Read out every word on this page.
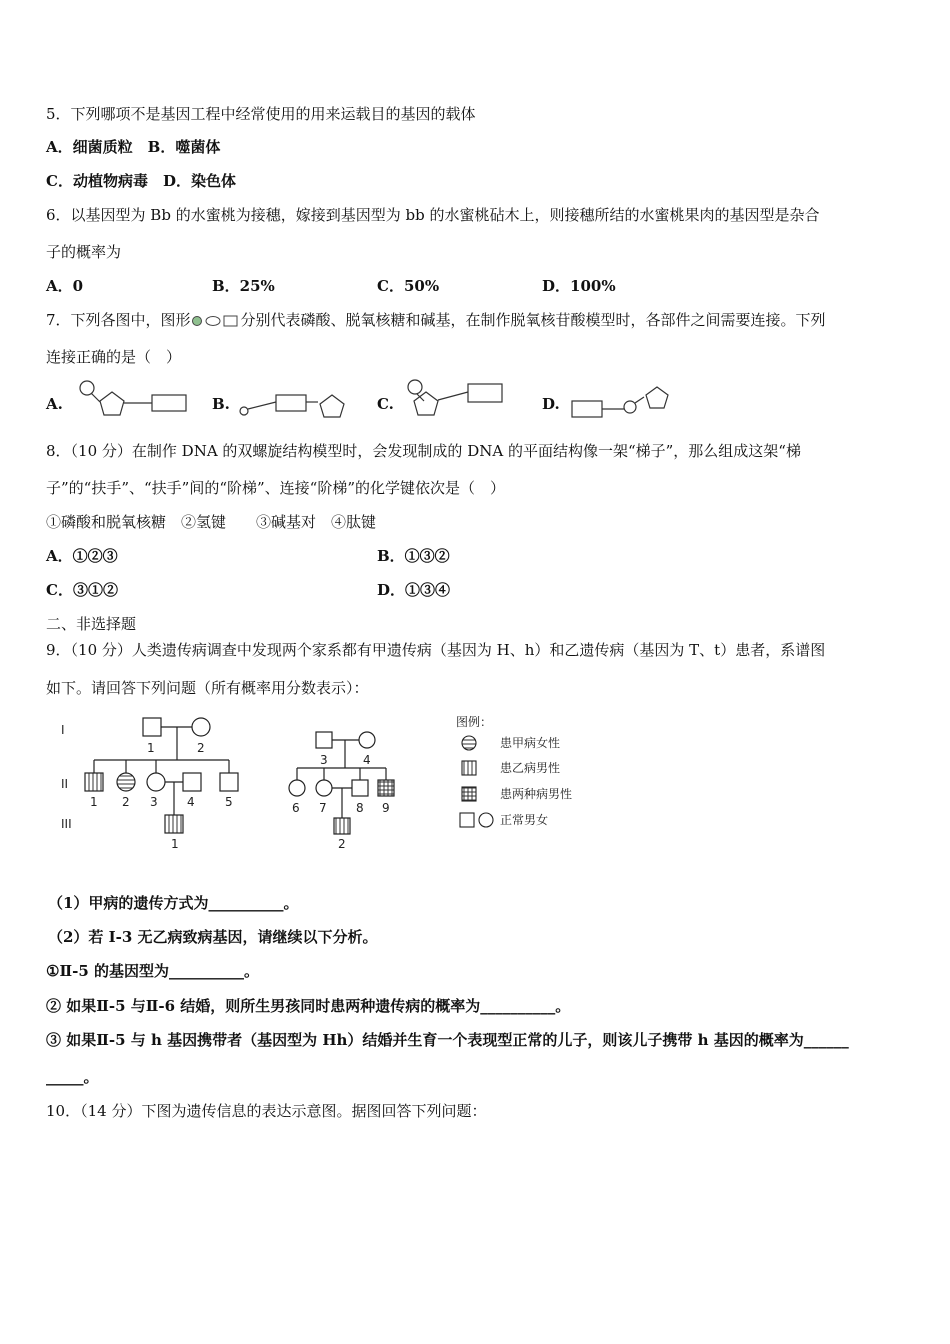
5．下列哪项不是基因工程中经常使用的用来运载目的基因的载体
A．细菌质粒　B．噬菌体
C．动植物病毒　D．染色体
6．以基因型为 Bb 的水蜜桃为接穗，嫁接到基因型为 bb 的水蜜桃砧木上，则接穗所结的水蜜桃果肉的基因型是杂合
子的概率为
A．0	B．25%	C．50%	D．100%
7．下列各图中，图形	分别代表磷酸、脱氧核糖和碱基，在制作脱氧核苷酸模型时，各部件之间需要连接。下列
连接正确的是（　）
A.	B.	C.	D.
8．（10 分）在制作 DNA 的双螺旋结构模型时，会发现制成的 DNA 的平面结构像一架“梯子”，那么组成这架“梯
子”的“扶手”、“扶手”间的“阶梯”、连接“阶梯”的化学键依次是（　）
①磷酸和脱氧核糖　②氢键　　③碱基对　④肽键
A．①②③	B．①③②
C．③①②	D．①③④
二、非选择题
9．（10 分）人类遗传病调查中发现两个家系都有甲遗传病（基因为 H、h）和乙遗传病（基因为 T、t）患者，系谱图
如下。请回答下列问题（所有概率用分数表示）：
I
II
III
1	2
1 2 3 4	5
1
3	4
6 7 8 9
2
图例：
患甲病女性
患乙病男性
患两种病男性
正常男女
（1）甲病的遗传方式为__________。
（2）若 I-3 无乙病致病基因，请继续以下分析。
①Ⅱ-5 的基因型为__________。
② 如果Ⅱ-5 与Ⅱ-6 结婚，则所生男孩同时患两种遗传病的概率为__________。
③ 如果Ⅱ-5 与 h 基因携带者（基因型为 Hh）结婚并生育一个表现型正常的儿子，则该儿子携带 h 基因的概率为______
_____。
10．（14 分）下图为遗传信息的表达示意图。据图回答下列问题：
